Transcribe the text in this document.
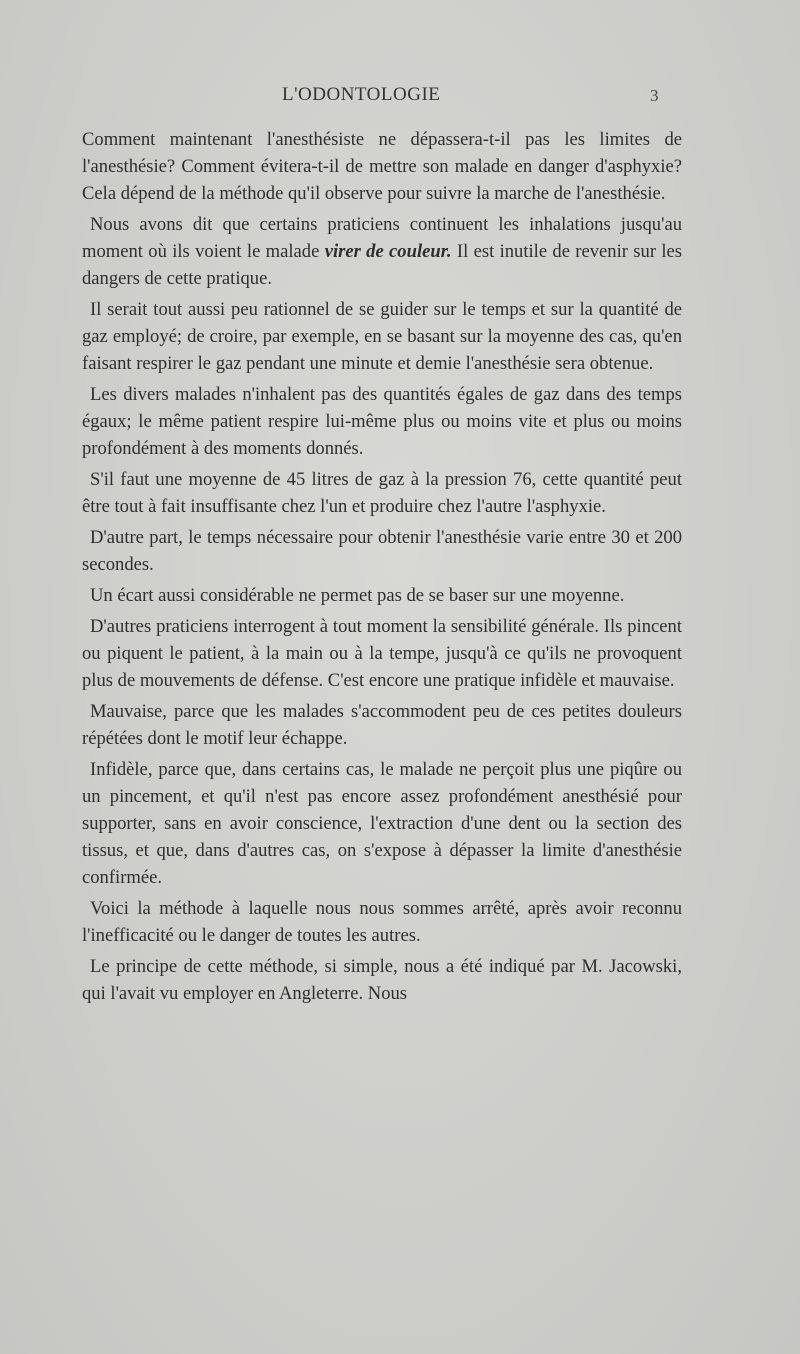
L'ODONTOLOGIE	3

Comment maintenant l'anesthésiste ne dépassera-t-il pas les limites de l'anesthésie? Comment évitera-t-il de mettre son malade en danger d'asphyxie? Cela dépend de la méthode qu'il observe pour suivre la marche de l'anesthésie.

Nous avons dit que certains praticiens continuent les inhalations jusqu'au moment où ils voient le malade virer de couleur. Il est inutile de revenir sur les dangers de cette pratique.

Il serait tout aussi peu rationnel de se guider sur le temps et sur la quantité de gaz employé; de croire, par exemple, en se basant sur la moyenne des cas, qu'en faisant respirer le gaz pendant une minute et demie l'anesthésie sera obtenue.

Les divers malades n'inhalent pas des quantités égales de gaz dans des temps égaux; le même patient respire lui-même plus ou moins vite et plus ou moins profondément à des moments donnés.

S'il faut une moyenne de 45 litres de gaz à la pression 76, cette quantité peut être tout à fait insuffisante chez l'un et produire chez l'autre l'asphyxie.

D'autre part, le temps nécessaire pour obtenir l'anesthésie varie entre 30 et 200 secondes.

Un écart aussi considérable ne permet pas de se baser sur une moyenne.

D'autres praticiens interrogent à tout moment la sensibilité générale. Ils pincent ou piquent le patient, à la main ou à la tempe, jusqu'à ce qu'ils ne provoquent plus de mouvements de défense. C'est encore une pratique infidèle et mauvaise.

Mauvaise, parce que les malades s'accommodent peu de ces petites douleurs répétées dont le motif leur échappe.

Infidèle, parce que, dans certains cas, le malade ne perçoit plus une piqûre ou un pincement, et qu'il n'est pas encore assez profondément anesthésié pour supporter, sans en avoir conscience, l'extraction d'une dent ou la section des tissus, et que, dans d'autres cas, on s'expose à dépasser la limite d'anesthésie confirmée.

Voici la méthode à laquelle nous nous sommes arrêté, après avoir reconnu l'inefficacité ou le danger de toutes les autres.

Le principe de cette méthode, si simple, nous a été indiqué par M. Jacowski, qui l'avait vu employer en Angleterre. Nous
